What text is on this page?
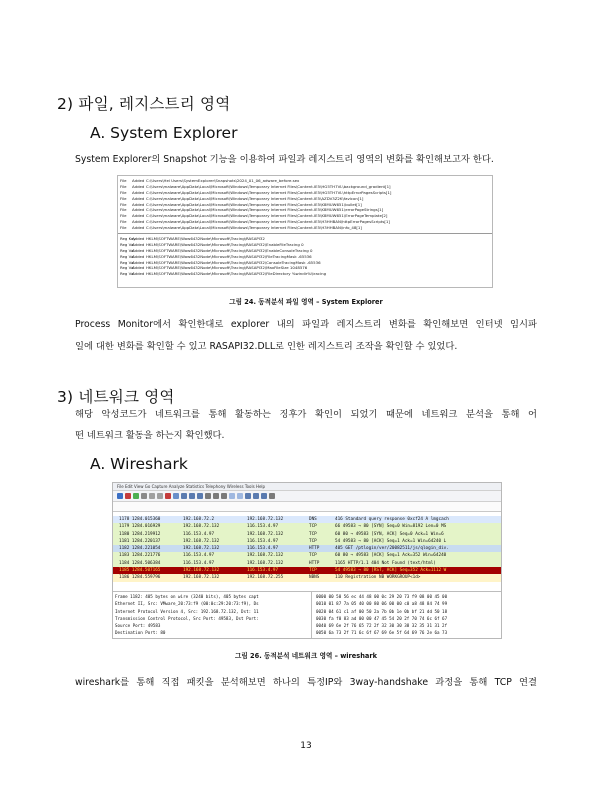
2) 파일, 레지스트리 영역
A. System Explorer
System Explorer의 Snapshot 기능을 이용하여 파일과 레지스트리 영역의 변화를 확인해보고자 한다.
File Added C:\Users\Hel Users\SystemExplorer\Snapshots\2024_01_06_adware_before.sex
File Added C:\Users\malware\AppData\Local\Microsoft\Windows\Temporary Internet Files\Content.IE5\HG5TH7VL\background_gradient[1]
File Added C:\Users\malware\AppData\Local\Microsoft\Windows\Temporary Internet Files\Content.IE5\HG5TH7VL\httpErrorPagesScripts[1]
File Added C:\Users\malware\AppData\Local\Microsoft\Windows\Temporary Internet Files\Content.IE5\AZDV3Z2K\favicon[1]
File Added C:\Users\malware\AppData\Local\Microsoft\Windows\Temporary Internet Files\Content.IE5\K8MUW651\bullet[1]
File Added C:\Users\malware\AppData\Local\Microsoft\Windows\Temporary Internet Files\Content.IE5\K8MUW651\errorPageStrings[1]
File Added C:\Users\malware\AppData\Local\Microsoft\Windows\Temporary Internet Files\Content.IE5\K8MUW651\ErrorPageTemplate[2]
File Added C:\Users\malware\AppData\Local\Microsoft\Windows\Temporary Internet Files\Content.IE5\H3HHBAN\httpErrorPagesScripts[1]
File Added C:\Users\malware\AppData\Local\Microsoft\Windows\Temporary Internet Files\Content.IE5\H3HHBAN\info_48[1]
Reg KeyAdded HKLM\SOFTWARE\Wow6432Node\Microsoft\Tracing\RASAPI32
Reg ValAdded HKLM\SOFTWARE\Wow6432Node\Microsoft\Tracing\RASAPI32\EnableFileTracing 0
Reg ValAdded HKLM\SOFTWARE\Wow6432Node\Microsoft\Tracing\RASAPI32\EnableConsoleTracing 0
Reg ValAdded HKLM\SOFTWARE\Wow6432Node\Microsoft\Tracing\RASAPI32\FileTracingMask -65536
Reg ValAdded HKLM\SOFTWARE\Wow6432Node\Microsoft\Tracing\RASAPI32\ConsoleTracingMask -65536
Reg ValAdded HKLM\SOFTWARE\Wow6432Node\Microsoft\Tracing\RASAPI32\MaxFileSize 1048576
Reg ValAdded HKLM\SOFTWARE\Wow6432Node\Microsoft\Tracing\RASAPI32\FileDirectory %windir%\tracing
그림 24. 동적분석 파일 영역 – System Explorer
Process Monitor에서 확인한대로 explorer 내의 파일과 레지스트리 변화를 확인해보면 인터넷 임시파
일에 대한 변화를 확인할 수 있고 RASAPI32.DLL로 인한 레지스트리 조작을 확인할 수 있었다.
3) 네트워크 영역
해당 악성코드가 네트워크를 통해 활동하는 징후가 확인이 되었기 때문에 네트워크 분석을 통해 어
떤 네트워크 활동을 하는지 확인했다.
A. Wireshark
File Edit View Go Capture Analyze Statistics Telephony Wireless Tools Help
1178 1284.015360	192.168.72.2	192.168.72.132	DNS	416 Standard query response 0xcf24 A lmgcach
1179 1284.016929	192.168.72.132	116.153.4.97	TCP	66 49583 → 80 [SYN] Seq=0 Win=8192 Len=0 MS
1180 1284.219912	116.153.4.97	192.168.72.132	TCP	60 80 → 49583 [SYN, ACK] Seq=0 Ack=1 Win=6
1181 1284.220137	192.168.72.132	116.153.4.97	TCP	54 49583 → 80 [ACK] Seq=1 Ack=1 Win=64240 L
1182 1284.221054	192.168.72.132	116.153.4.97	HTTP	405 GET /ptlogin/ver/20082511/js/qlogin_div.
1183 1284.221776	116.153.4.97	192.168.72.132	TCP	60 80 → 49583 [ACK] Seq=1 Ack=352 Win=64240
1184 1284.506384	116.153.4.97	192.168.72.132	HTTP	1165 HTTP/1.1 404 Not Found (text/html)
1185 1284.507165	192.168.72.132	116.153.4.97	TCP	54 49583 → 80 [RST, ACK] Seq=352 Ack=1112 W
1186 1284.559796	192.168.72.132	192.168.72.255	NBNS	110 Registration NB WORKGROUP<1d>
Frame 1182: 405 bytes on wire (3240 bits), 405 bytes capt
Ethernet II, Src: VMware_20:73:f9 (00:0c:29:20:73:f9), Ds
Internet Protocol Version 4, Src: 192.168.72.132, Dst: 11
Transmission Control Protocol, Src Port: 49583, Dst Port:
Source Port: 49583
Destination Port: 80
0000 00 50 56 ec 44 48 00 0c 29 20 73 f9 08 00 45 00
0010 01 87 7a 05 40 00 80 06 00 00 c0 a8 48 84 74 99
0020 04 61 c1 af 00 50 2a 7b 0b 1e 0b bf 21 dd 50 18
0030 fa f0 83 ad 00 00 47 45 54 20 2f 70 74 6c 6f 67
0040 69 6e 2f 76 65 72 2f 32 30 30 38 32 35 31 31 2f
0050 6a 73 2f 71 6c 6f 67 69 6e 5f 64 69 76 2e 6a 73
그림 26. 동적분석 네트워크 영역 – wireshark
wireshark를 통해 직접 패킷을 분석해보면 하나의 특정IP와 3way-handshake 과정을 통해 TCP 연결
13
